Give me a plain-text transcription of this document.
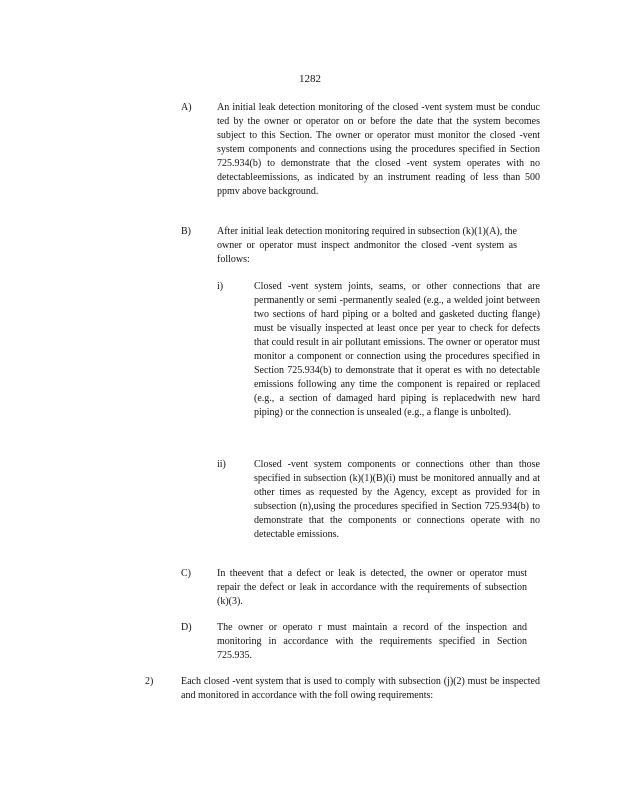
1282
A)	An initial leak detection monitoring of the closed -vent system must be conduc ted by the owner or operator on or before the date that the system becomes subject to this Section. The owner or operator must monitor the closed -vent system components and connections using the procedures specified in Section 725.934(b) to demonstrate that the closed -vent system operates with no detectableemissions, as indicated by an instrument reading of less than 500 ppmv above background.
B)	After initial leak detection monitoring required in subsection (k)(1)(A), the owner or operator must inspect andmonitor the closed -vent system as follows:
i)	Closed -vent system joints, seams, or other connections that are permanently or semi -permanently sealed (e.g., a welded joint between two sections of hard piping or a bolted and gasketed ducting flange) must be visually inspected at least once per year to check for defects that could result in air pollutant emissions. The owner or operator must monitor a component or connection using the procedures specified in Section 725.934(b) to demonstrate that it operat es with no detectable emissions following any time the component is repaired or replaced (e.g., a section of damaged hard piping is replacedwith new hard piping) or the connection is unsealed (e.g., a flange is unbolted).
ii)	Closed -vent system components or connections other than those specified in subsection (k)(1)(B)(i) must be monitored annually and at other times as requested by the Agency, except as provided for in subsection (n),using the procedures specified in Section 725.934(b) to demonstrate that the components or connections operate with no detectable emissions.
C)	In theevent that a defect or leak is detected, the owner or operator must repair the defect or leak in accordance with the requirements of subsection (k)(3).
D)	The owner or operato r must maintain a record of the inspection and monitoring in accordance with the requirements specified in Section 725.935.
2)	Each closed -vent system that is used to comply with subsection (j)(2) must be inspected and monitored in accordance with the foll owing requirements:
